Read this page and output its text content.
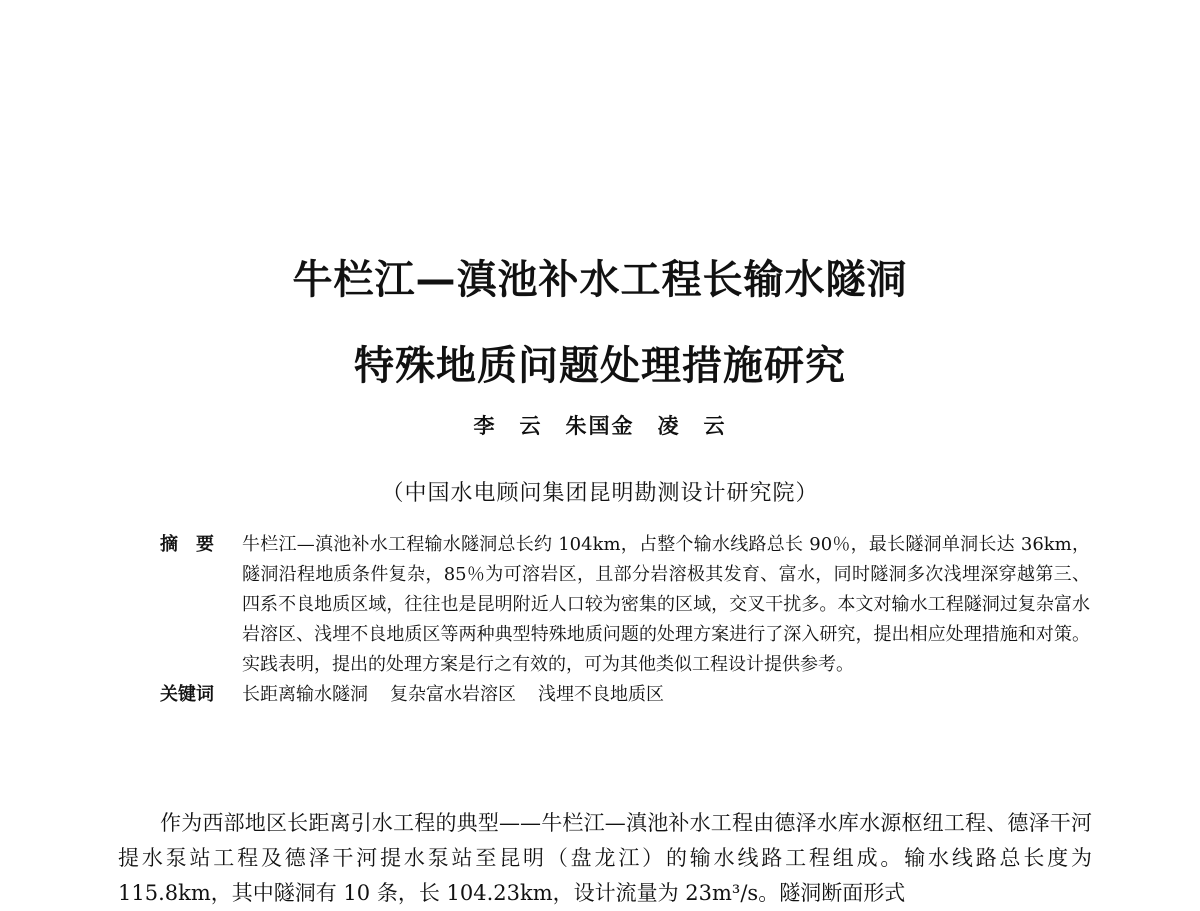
牛栏江—滇池补水工程长输水隧洞
特殊地质问题处理措施研究
李　云　朱国金　凌　云
（中国水电顾问集团昆明勘测设计研究院）
摘　要	牛栏江—滇池补水工程输水隧洞总长约 104km，占整个输水线路总长 90％，最长隧洞单洞长达 36km，隧洞沿程地质条件复杂，85％为可溶岩区，且部分岩溶极其发育、富水，同时隧洞多次浅埋深穿越第三、四系不良地质区域，往往也是昆明附近人口较为密集的区域，交叉干扰多。本文对输水工程隧洞过复杂富水岩溶区、浅埋不良地质区等两种典型特殊地质问题的处理方案进行了深入研究，提出相应处理措施和对策。实践表明，提出的处理方案是行之有效的，可为其他类似工程设计提供参考。
关键词	长距离输水隧洞 复杂富水岩溶区 浅埋不良地质区
作为西部地区长距离引水工程的典型——牛栏江—滇池补水工程由德泽水库水源枢纽工程、德泽干河提水泵站工程及德泽干河提水泵站至昆明（盘龙江）的输水线路工程组成。输水线路总长度为 115.8km，其中隧洞有 10 条，长 104.23km，设计流量为 23m³/s。隧洞断面形式
